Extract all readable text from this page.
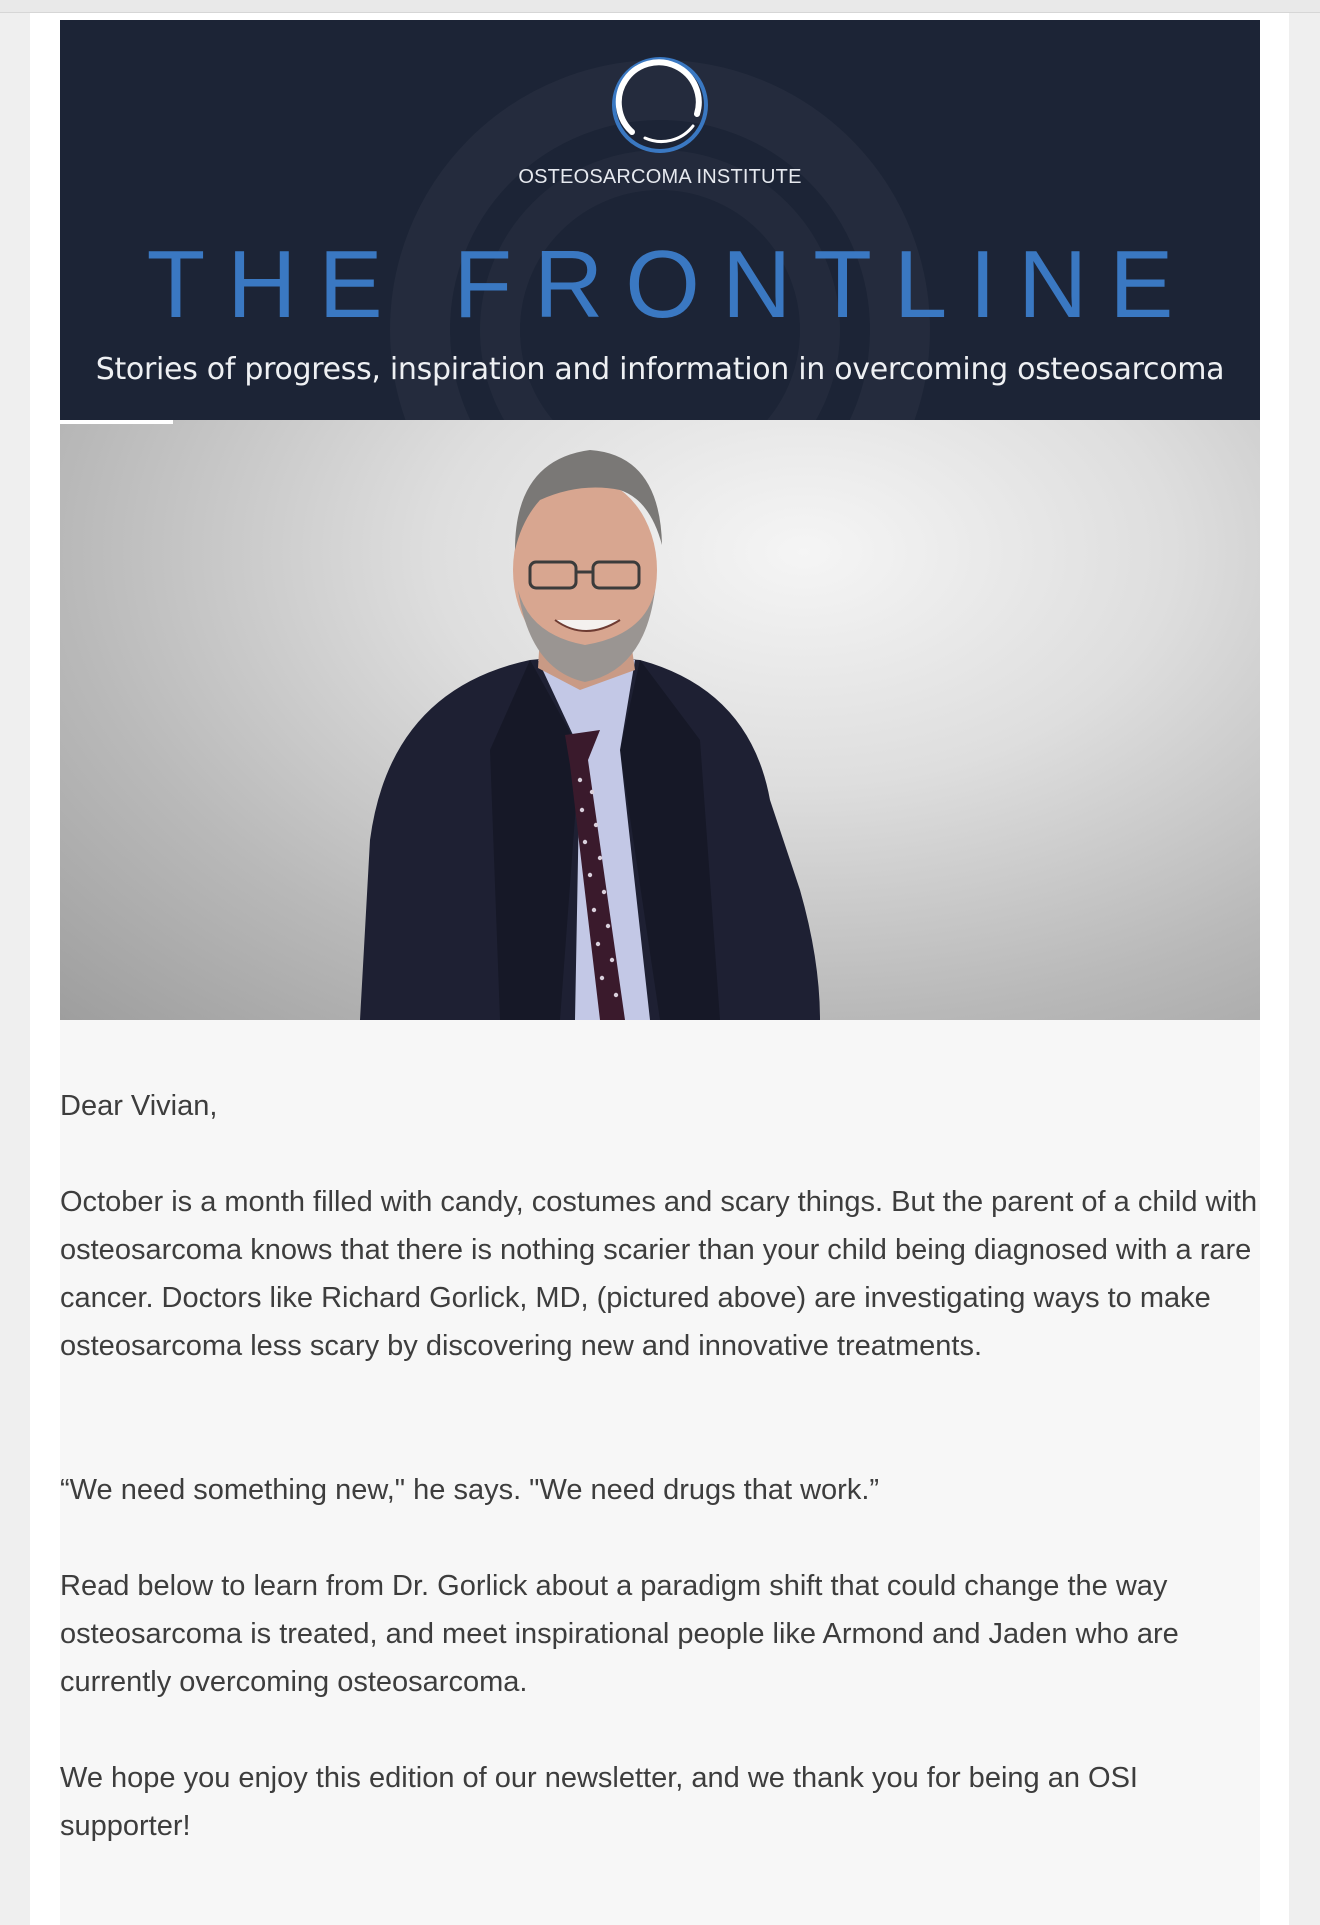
OSTEOSARCOMA INSTITUTE
THE FRONTLINE
Stories of progress, inspiration and information in overcoming osteosarcoma

Dear Vivian,

October is a month filled with candy, costumes and scary things. But the parent of a child with osteosarcoma knows that there is nothing scarier than your child being diagnosed with a rare cancer. Doctors like Richard Gorlick, MD, (pictured above) are investigating ways to make osteosarcoma less scary by discovering new and innovative treatments.

“We need something new," he says. "We need drugs that work.”

Read below to learn from Dr. Gorlick about a paradigm shift that could change the way osteosarcoma is treated, and meet inspirational people like Armond and Jaden who are currently overcoming osteosarcoma.

We hope you enjoy this edition of our newsletter, and we thank you for being an OSI supporter!
